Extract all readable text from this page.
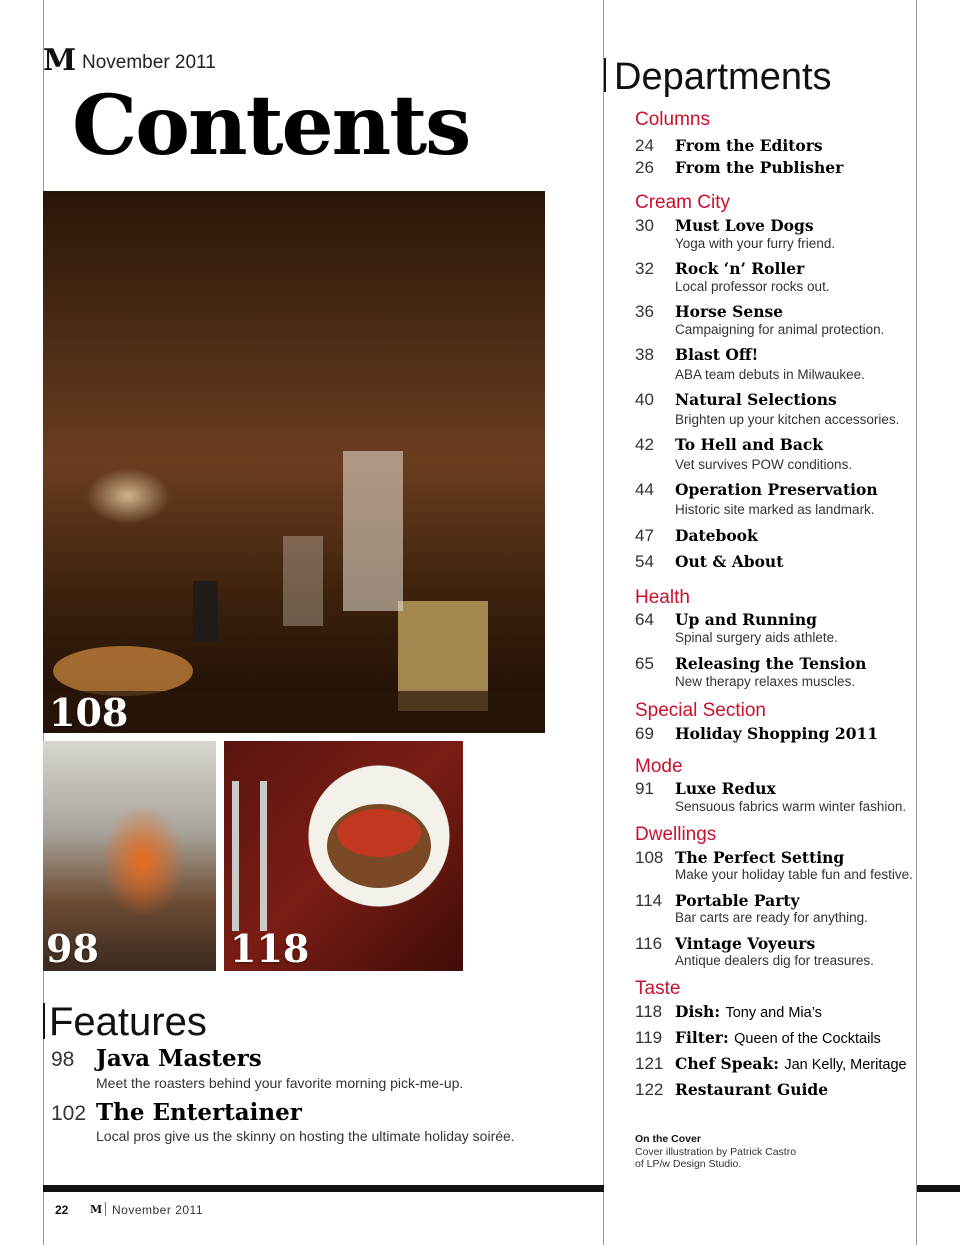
M November 2011
Contents
108
98	118
Features
98 Java Masters
Meet the roasters behind your favorite morning pick-me-up.
102 The Entertainer
Local pros give us the skinny on hosting the ultimate holiday soirée.
Departments
Columns
24 From the Editors
26 From the Publisher
Cream City
30 Must Love Dogs
Yoga with your furry friend.
32 Rock ‘n’ Roller
Local professor rocks out.
36 Horse Sense
Campaigning for animal protection.
38 Blast Off!
ABA team debuts in Milwaukee.
40 Natural Selections
Brighten up your kitchen accessories.
42 To Hell and Back
Vet survives POW conditions.
44 Operation Preservation
Historic site marked as landmark.
47 Datebook
54 Out & About
Health
64 Up and Running
Spinal surgery aids athlete.
65 Releasing the Tension
New therapy relaxes muscles.
Special Section
69 Holiday Shopping 2011
Mode
91 Luxe Redux
Sensuous fabrics warm winter fashion.
Dwellings
108 The Perfect Setting
Make your holiday table fun and festive.
114 Portable Party
Bar carts are ready for anything.
116 Vintage Voyeurs
Antique dealers dig for treasures.
Taste
118 Dish: Tony and Mia’s
119 Filter: Queen of the Cocktails
121 Chef Speak: Jan Kelly, Meritage
122 Restaurant Guide
On the Cover
Cover illustration by Patrick Castro
of LP/w Design Studio.
22 M November 2011
